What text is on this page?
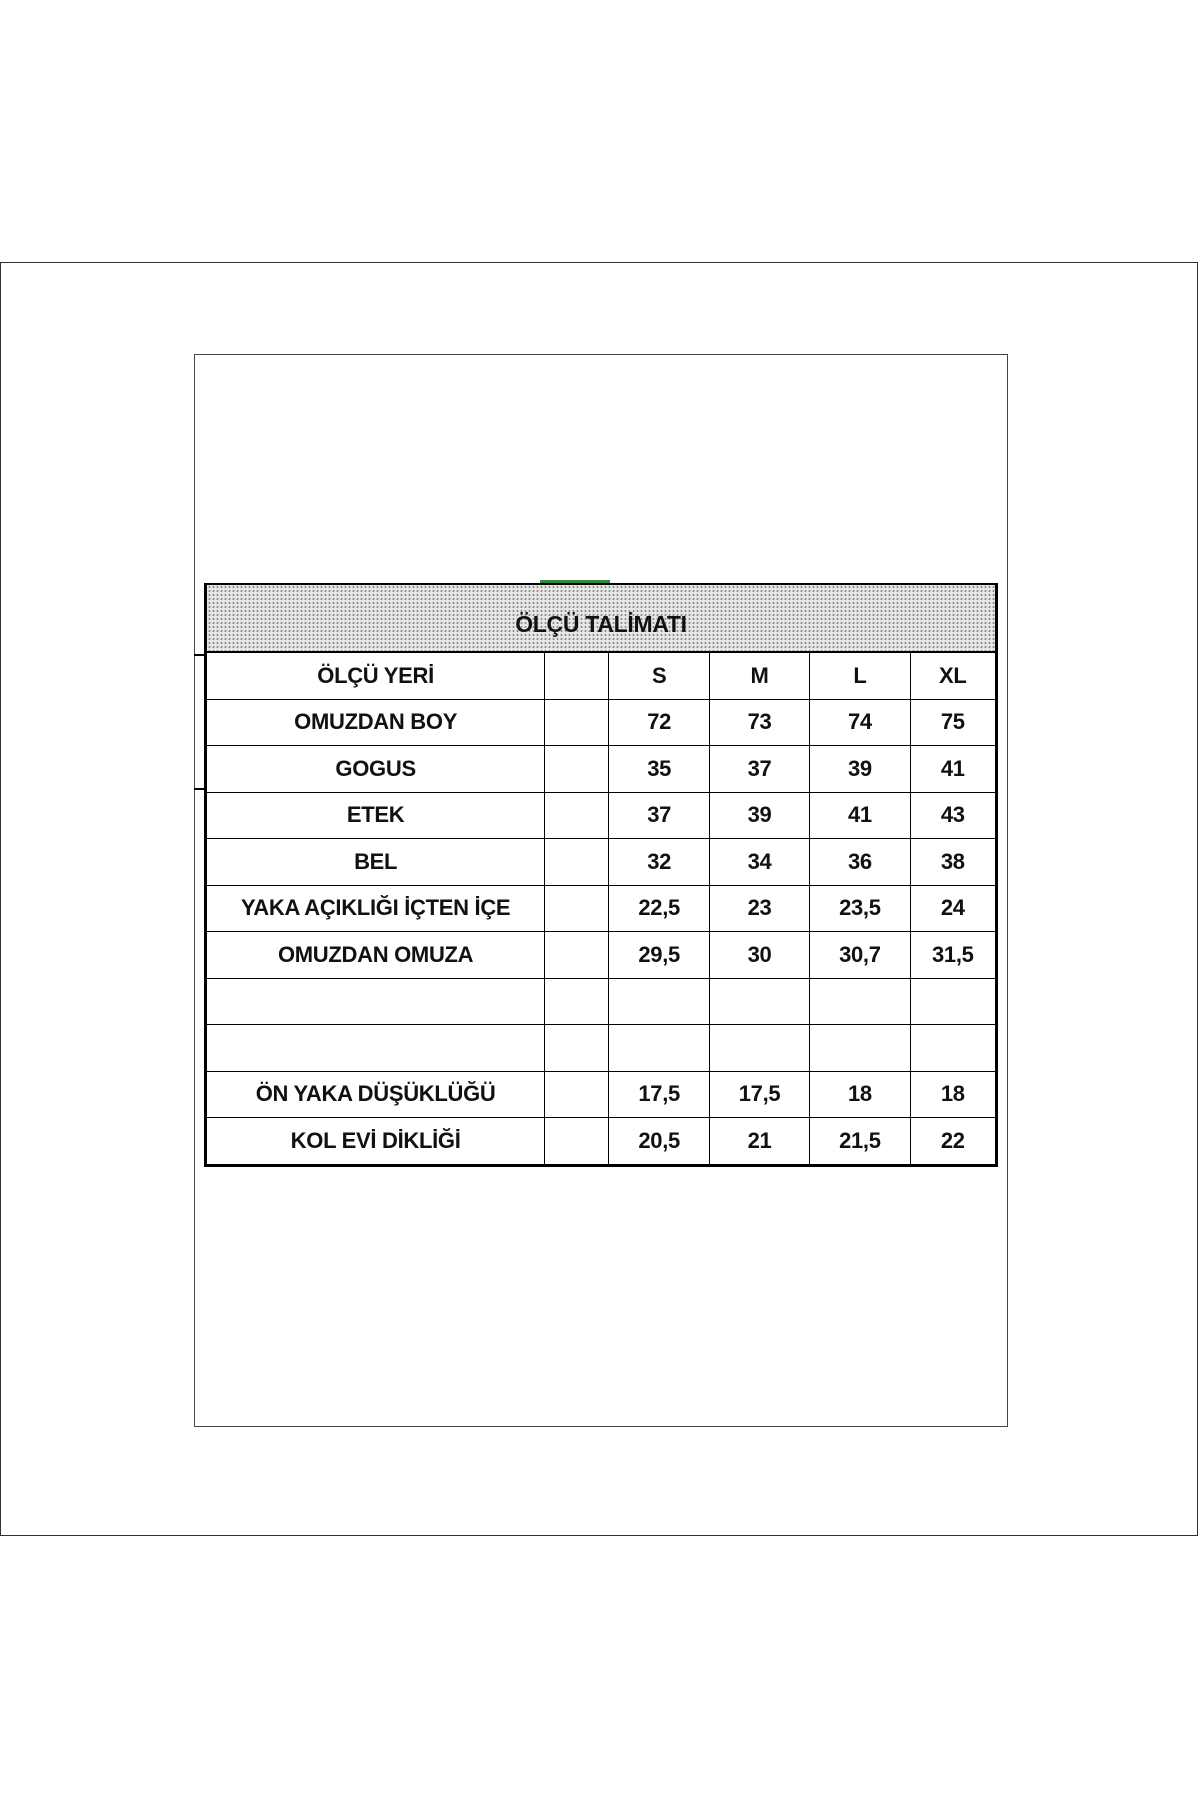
ÖLÇÜ TALİMATI					
ÖLÇÜ YERİ		S	M	L	XL
OMUZDAN BOY		72	73	74	75
GOGUS		35	37	39	41
ETEK		37	39	41	43
BEL		32	34	36	38
YAKA AÇIKLIĞI İÇTEN İÇE		22,5	23	23,5	24
OMUZDAN OMUZA		29,5	30	30,7	31,5

ÖN YAKA DÜŞÜKLÜĞÜ		17,5	17,5	18	18
KOL EVİ DİKLİĞİ		20,5	21	21,5	22
